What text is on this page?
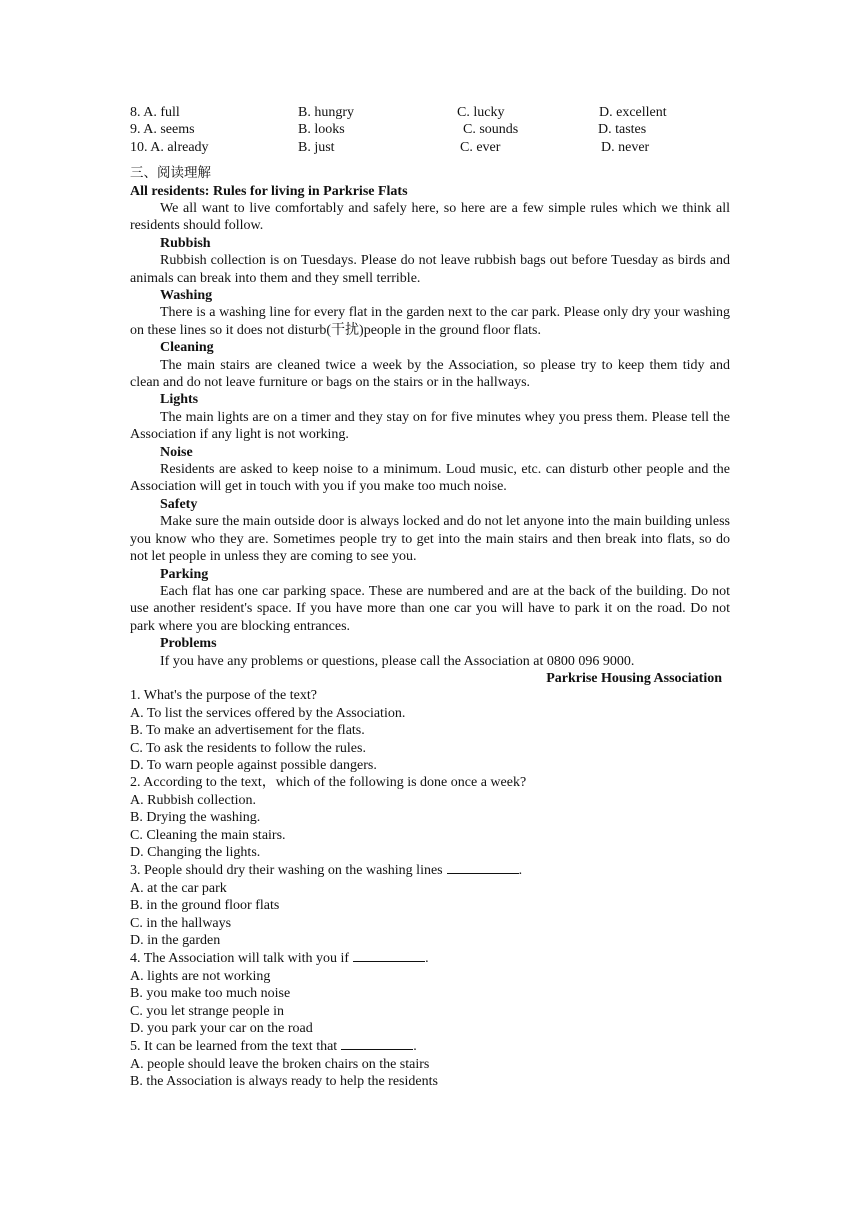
8. A. full	B. hungry	C. lucky	D. excellent
9. A. seems	B. looks	C. sounds	D. tastes
10. A. already	B. just	C. ever	D. never
三、阅读理解
All residents: Rules for living in Parkrise Flats
We all want to live comfortably and safely here, so here are a few simple rules which we think all residents should follow.
Rubbish
Rubbish collection is on Tuesdays. Please do not leave rubbish bags out before Tuesday as birds and animals can break into them and they smell terrible.
Washing
There is a washing line for every flat in the garden next to the car park. Please only dry your washing on these lines so it does not disturb(干扰)people in the ground floor flats.
Cleaning
The main stairs are cleaned twice a week by the Association, so please try to keep them tidy and clean and do not leave furniture or bags on the stairs or in the hallways.
Lights
The main lights are on a timer and they stay on for five minutes whey you press them. Please tell the Association if any light is not working.
Noise
Residents are asked to keep noise to a minimum. Loud music, etc. can disturb other people and the Association will get in touch with you if you make too much noise.
Safety
Make sure the main outside door is always locked and do not let anyone into the main building unless you know who they are. Sometimes people try to get into the main stairs and then break into flats, so do not let people in unless they are coming to see you.
Parking
Each flat has one car parking space. These are numbered and are at the back of the building. Do not use another resident's space. If you have more than one car you will have to park it on the road. Do not park where you are blocking entrances.
Problems
If you have any problems or questions, please call the Association at 0800 096 9000.
Parkrise Housing Association
1. What's the purpose of the text?
A. To list the services offered by the Association.
B. To make an advertisement for the flats.
C. To ask the residents to follow the rules.
D. To warn people against possible dangers.
2. According to the text，which of the following is done once a week?
A. Rubbish collection.
B. Drying the washing.
C. Cleaning the main stairs.
D. Changing the lights.
3. People should dry their washing on the washing lines	.
A. at the car park
B. in the ground floor flats
C. in the hallways
D. in the garden
4. The Association will talk with you if	.
A. lights are not working
B. you make too much noise
C. you let strange people in
D. you park your car on the road
5. It can be learned from the text that	.
A. people should leave the broken chairs on the stairs
B. the Association is always ready to help the residents
